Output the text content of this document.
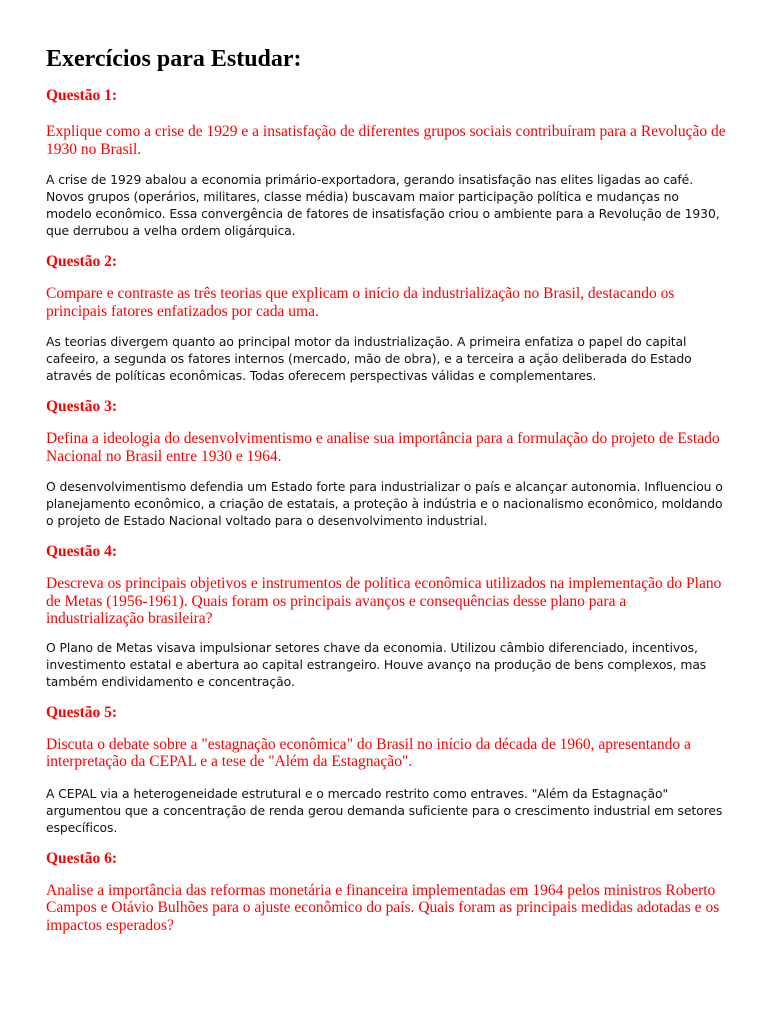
Exercícios para Estudar:

Questão 1:

Explique como a crise de 1929 e a insatisfação de diferentes grupos sociais contribuíram para a Revolução de 1930 no Brasil.

A crise de 1929 abalou a economia primário-exportadora, gerando insatisfação nas elites ligadas ao café. Novos grupos (operários, militares, classe média) buscavam maior participação política e mudanças no modelo econômico. Essa convergência de fatores de insatisfação criou o ambiente para a Revolução de 1930, que derrubou a velha ordem oligárquica.

Questão 2:

Compare e contraste as três teorias que explicam o início da industrialização no Brasil, destacando os principais fatores enfatizados por cada uma.

As teorias divergem quanto ao principal motor da industrialização. A primeira enfatiza o papel do capital cafeeiro, a segunda os fatores internos (mercado, mão de obra), e a terceira a ação deliberada do Estado através de políticas econômicas. Todas oferecem perspectivas válidas e complementares.

Questão 3:

Defina a ideologia do desenvolvimentismo e analise sua importância para a formulação do projeto de Estado Nacional no Brasil entre 1930 e 1964.

O desenvolvimentismo defendia um Estado forte para industrializar o país e alcançar autonomia. Influenciou o planejamento econômico, a criação de estatais, a proteção à indústria e o nacionalismo econômico, moldando o projeto de Estado Nacional voltado para o desenvolvimento industrial.

Questão 4:

Descreva os principais objetivos e instrumentos de política econômica utilizados na implementação do Plano de Metas (1956-1961). Quais foram os principais avanços e consequências desse plano para a industrialização brasileira?

O Plano de Metas visava impulsionar setores chave da economia. Utilizou câmbio diferenciado, incentivos, investimento estatal e abertura ao capital estrangeiro. Houve avanço na produção de bens complexos, mas também endividamento e concentração.

Questão 5:

Discuta o debate sobre a "estagnação econômica" do Brasil no início da década de 1960, apresentando a interpretação da CEPAL e a tese de "Além da Estagnação".

A CEPAL via a heterogeneidade estrutural e o mercado restrito como entraves. "Além da Estagnação" argumentou que a concentração de renda gerou demanda suficiente para o crescimento industrial em setores específicos.

Questão 6:

Analise a importância das reformas monetária e financeira implementadas em 1964 pelos ministros Roberto Campos e Otávio Bulhões para o ajuste econômico do país. Quais foram as principais medidas adotadas e os impactos esperados?
